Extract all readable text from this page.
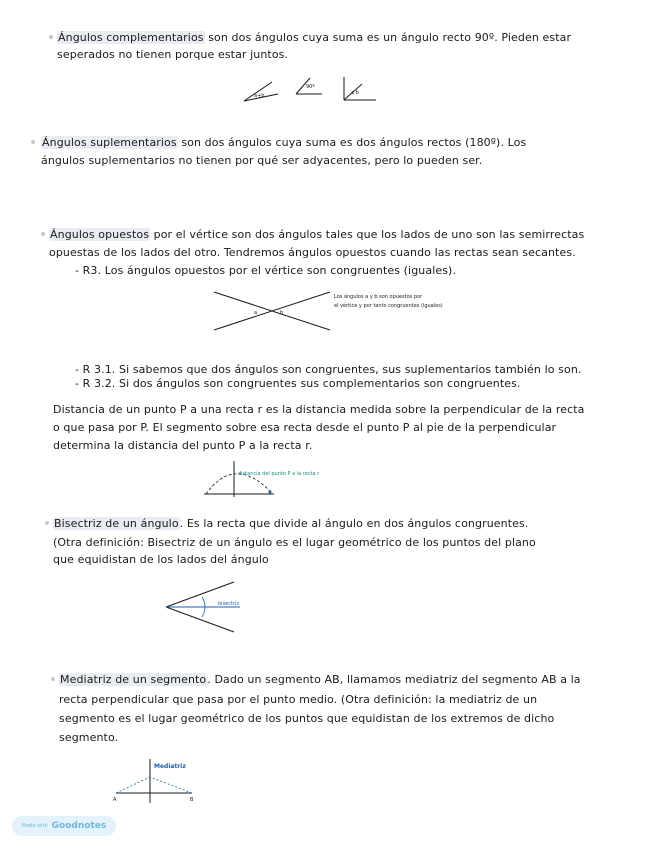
Ángulos complementarios son dos ángulos cuya suma es un ángulo recto 90º. Pieden estar
seperados no tienen porque estar juntos.
a+b
90º
a b
Ángulos suplementarios son dos ángulos cuya suma es dos ángulos rectos (180º). Los
ángulos suplementarios no tienen por qué ser adyacentes, pero lo pueden ser.
Ángulos opuestos por el vértice son dos ángulos tales que los lados de uno son las semirrectas
opuestas de los lados del otro. Tendremos ángulos opuestos cuando las rectas sean secantes.
- R3. Los ángulos opuestos por el vértice son congruentes (iguales).
a	b
Los ángulos a y b son opuestos por
el vértice y por tanto congruentes (iguales)
- R 3.1. Si sabemos que dos ángulos son congruentes, sus suplementarios también lo son.
- R 3.2. Si dos ángulos son congruentes sus complementarios son congruentes.
Distancia de un punto P a una recta r es la distancia medida sobre la perpendicular de la recta
o que pasa por P. El segmento sobre esa recta desde el punto P al pie de la perpendicular
determina la distancia del punto P a la recta r.
distancia del punto P a la recta r
Bisectriz de un ángulo. Es la recta que divide al ángulo en dos ángulos congruentes.
(Otra definición: Bisectriz de un ángulo es el lugar geométrico de los puntos del plano
que equidistan de los lados del ángulo
bisectriz
Mediatriz de un segmento. Dado un segmento AB, llamamos mediatriz del segmento AB a la
recta perpendicular que pasa por el punto medio. (Otra definición: la mediatriz de un
segmento es el lugar geométrico de los puntos que equidistan de los extremos de dicho
segmento.
A	B
Mediatriz
Made with Goodnotes
